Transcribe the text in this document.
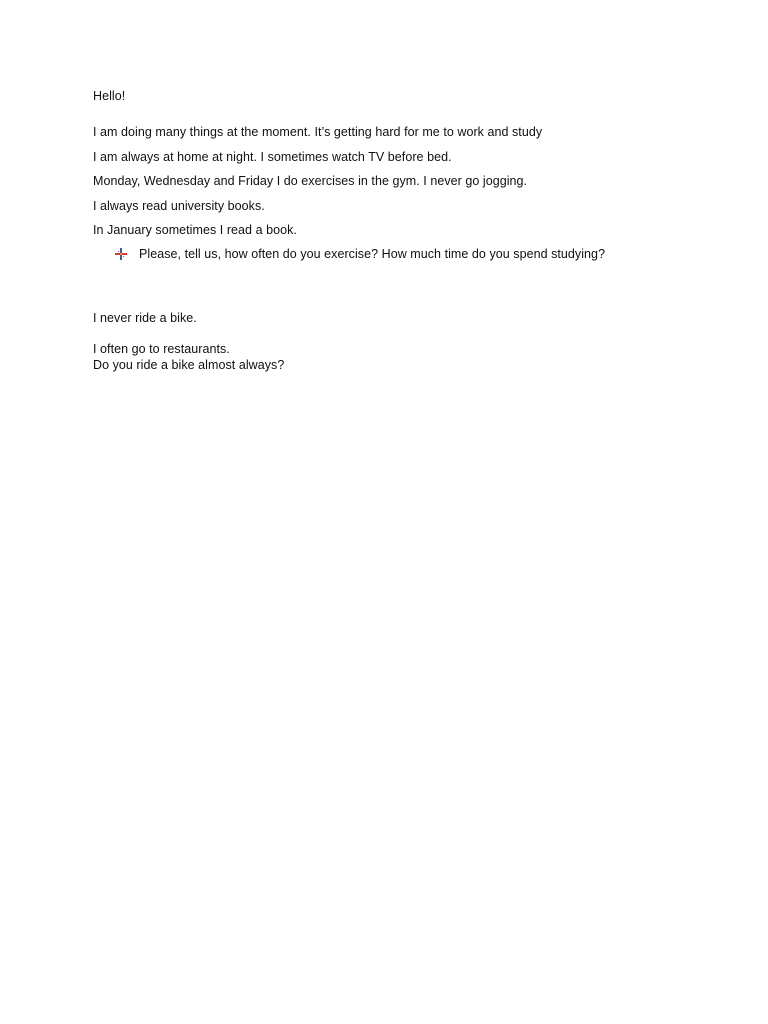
Hello!
I am doing many things at the moment. It’s getting hard for me to work and study
I am always at home at night. I sometimes watch TV before bed.
Monday, Wednesday and Friday I do exercises in the gym. I never go jogging.
I always read university books.
In January sometimes I read a book.
Please, tell us, how often do you exercise? How much time do you spend studying?
I never ride a bike.
I often go to restaurants.
Do you ride a bike almost always?
